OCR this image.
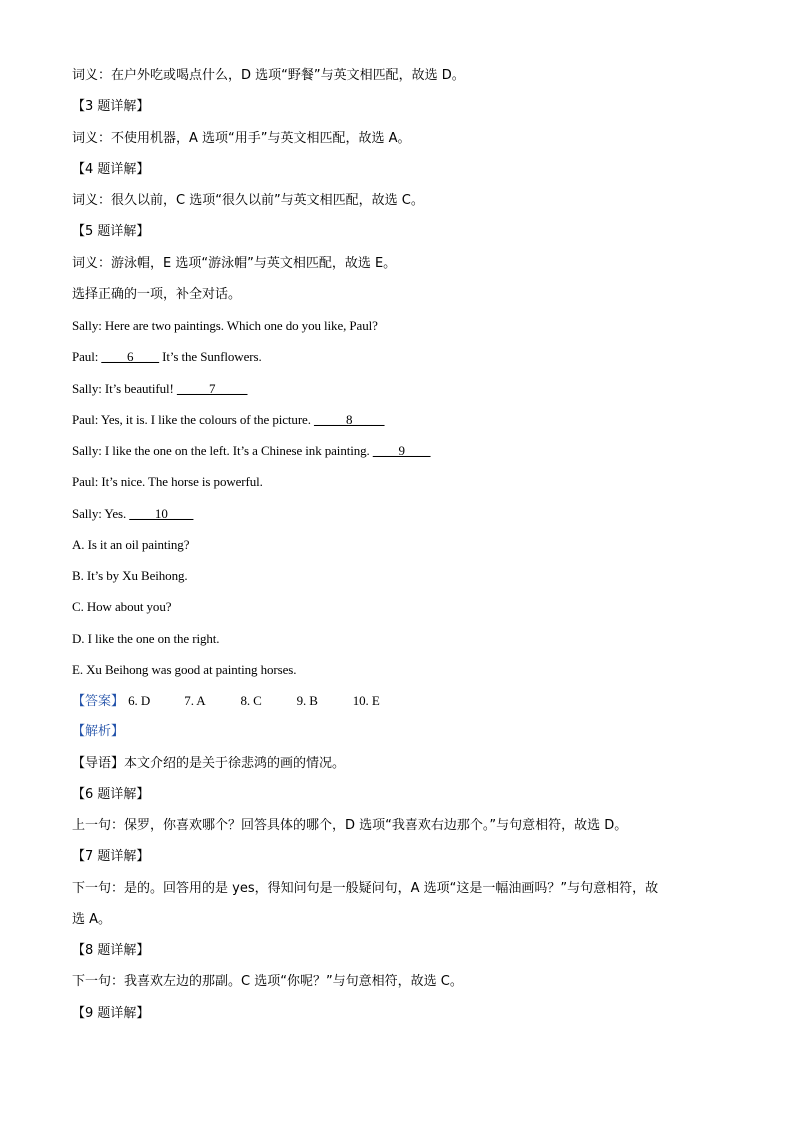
词义：在户外吃或喝点什么，D 选项“野餐”与英文相匹配，故选 D。
【3 题详解】
词义：不使用机器，A 选项“用手”与英文相匹配，故选 A。
【4 题详解】
词义：很久以前，C 选项“很久以前”与英文相匹配，故选 C。
【5 题详解】
词义：游泳帽，E 选项“游泳帽”与英文相匹配，故选 E。
选择正确的一项，补全对话。
Sally: Here are two paintings. Which one do you like, Paul?
Paul: ____6____ It’s the Sunflowers.
Sally: It’s beautiful! _____7_____
Paul: Yes, it is. I like the colours of the picture. _____8_____
Sally: I like the one on the left. It’s a Chinese ink painting. ____9____
Paul: It’s nice. The horse is powerful.
Sally: Yes. ____10____
A. Is it an oil painting?
B. It’s by Xu Beihong.
C. How about you?
D. I like the one on the right.
E. Xu Beihong was good at painting horses.
【答案】 6. D	7. A	8. C	9. B	10. E
【解析】
【导语】本文介绍的是关于徐悲鸿的画的情况。
【6 题详解】
上一句：保罗，你喜欢哪个？回答具体的哪个，D 选项“我喜欢右边那个。”与句意相符，故选 D。
【7 题详解】
下一句：是的。回答用的是 yes，得知问句是一般疑问句，A 选项“这是一幅油画吗？”与句意相符，故
选 A。
【8 题详解】
下一句：我喜欢左边的那副。C 选项“你呢？”与句意相符，故选 C。
【9 题详解】
